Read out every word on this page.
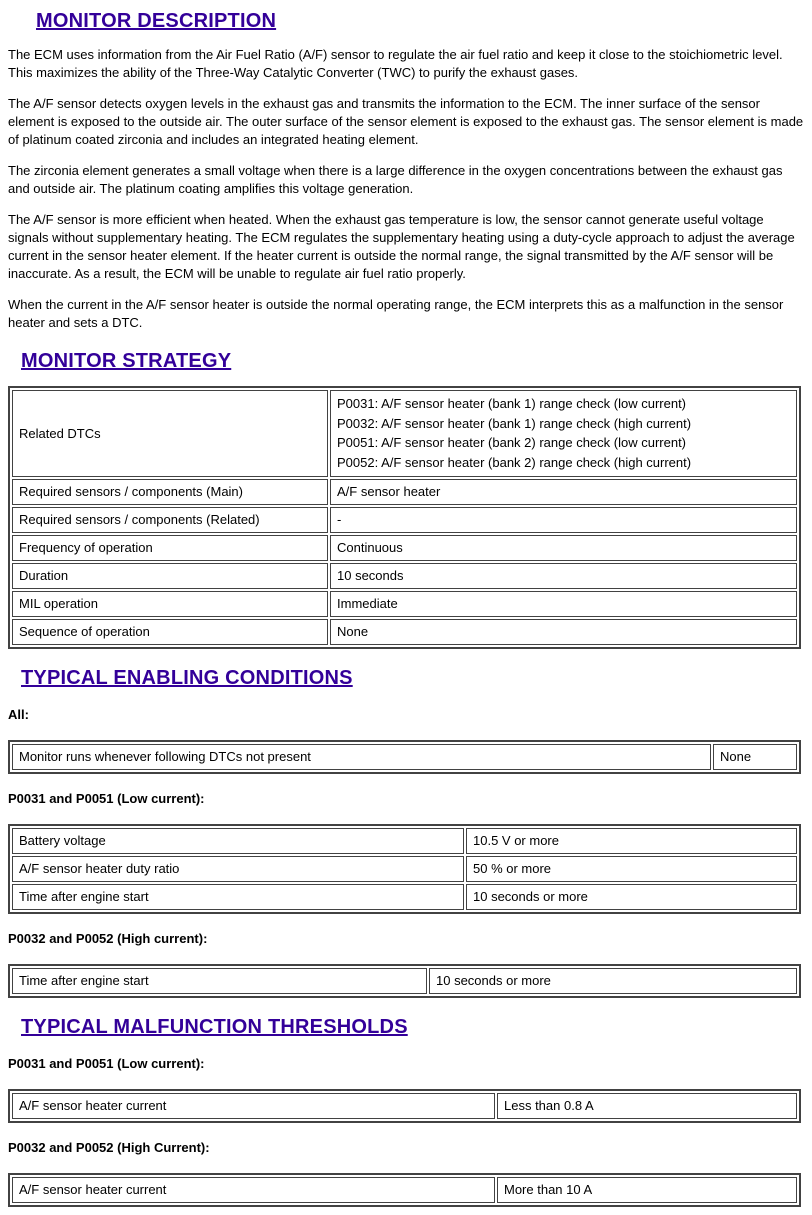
MONITOR DESCRIPTION

The ECM uses information from the Air Fuel Ratio (A/F) sensor to regulate the air fuel ratio and keep it close to the stoichiometric level. This maximizes the ability of the Three-Way Catalytic Converter (TWC) to purify the exhaust gases.

The A/F sensor detects oxygen levels in the exhaust gas and transmits the information to the ECM. The inner surface of the sensor element is exposed to the outside air. The outer surface of the sensor element is exposed to the exhaust gas. The sensor element is made of platinum coated zirconia and includes an integrated heating element.

The zirconia element generates a small voltage when there is a large difference in the oxygen concentrations between the exhaust gas and outside air. The platinum coating amplifies this voltage generation.

The A/F sensor is more efficient when heated. When the exhaust gas temperature is low, the sensor cannot generate useful voltage signals without supplementary heating. The ECM regulates the supplementary heating using a duty-cycle approach to adjust the average current in the sensor heater element. If the heater current is outside the normal range, the signal transmitted by the A/F sensor will be inaccurate. As a result, the ECM will be unable to regulate air fuel ratio properly.

When the current in the A/F sensor heater is outside the normal operating range, the ECM interprets this as a malfunction in the sensor heater and sets a DTC.

MONITOR STRATEGY
Related DTCs	P0031: A/F sensor heater (bank 1) range check (low current)
P0032: A/F sensor heater (bank 1) range check (high current)
P0051: A/F sensor heater (bank 2) range check (low current)
P0052: A/F sensor heater (bank 2) range check (high current)

Required sensors / components (Main)	A/F sensor heater
Required sensors / components (Related)	-
Frequency of operation	Continuous
Duration	10 seconds
MIL operation	Immediate
Sequence of operation	None
TYPICAL ENABLING CONDITIONS
All:
Monitor runs whenever following DTCs not present	None
P0031 and P0051 (Low current):
Battery voltage	10.5 V or more
A/F sensor heater duty ratio	50 % or more
Time after engine start	10 seconds or more
P0032 and P0052 (High current):
Time after engine start	10 seconds or more
TYPICAL MALFUNCTION THRESHOLDS
P0031 and P0051 (Low current):
A/F sensor heater current	Less than 0.8 A
P0032 and P0052 (High Current):
A/F sensor heater current	More than 10 A
